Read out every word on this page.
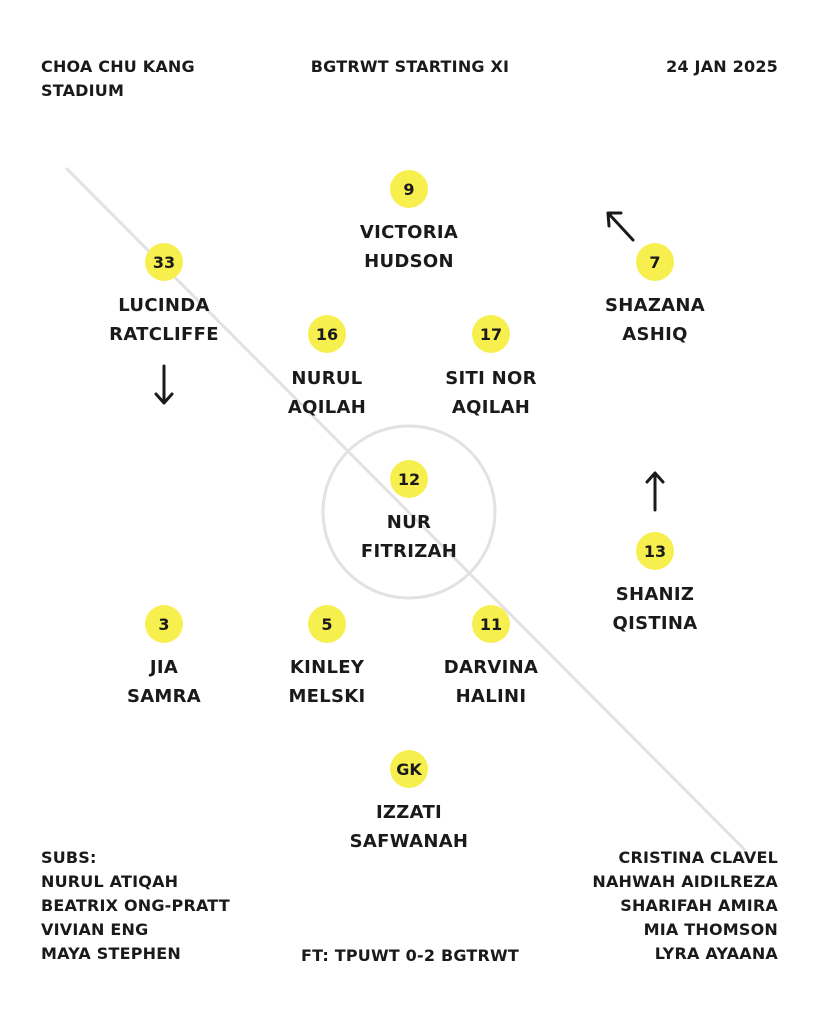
CHOA CHU KANG
STADIUM
BGTRWT STARTING XI	24 JAN 2025
9
VICTORIA
HUDSON
33
LUCINDA
RATCLIFFE
7
SHAZANA
ASHIQ
16
NURUL
AQILAH
17
SITI NOR
AQILAH
12
NUR
FITRIZAH	13
SHANIZ
QISTINA
3
JIA
SAMRA
5
KINLEY
MELSKI
11
DARVINA
HALINI
GK
IZZATI
SAFWANAH
SUBS:
NURUL ATIQAH
BEATRIX ONG-PRATT
VIVIAN ENG
MAYA STEPHEN
CRISTINA CLAVEL
NAHWAH AIDILREZA
SHARIFAH AMIRA
MIA THOMSON
LYRA AYAANA
FT: TPUWT 0-2 BGTRWT
